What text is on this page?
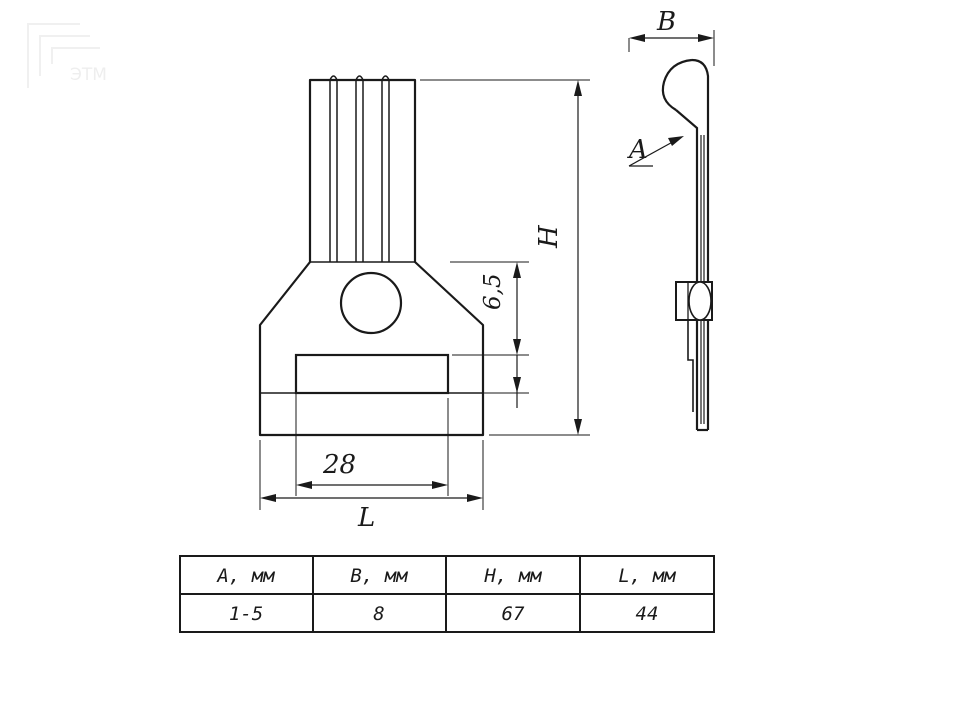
ЭТМ
H
6,5
28
L
B
A
A, мм	B, мм	H, мм	L, мм
1-5	8	67	44
